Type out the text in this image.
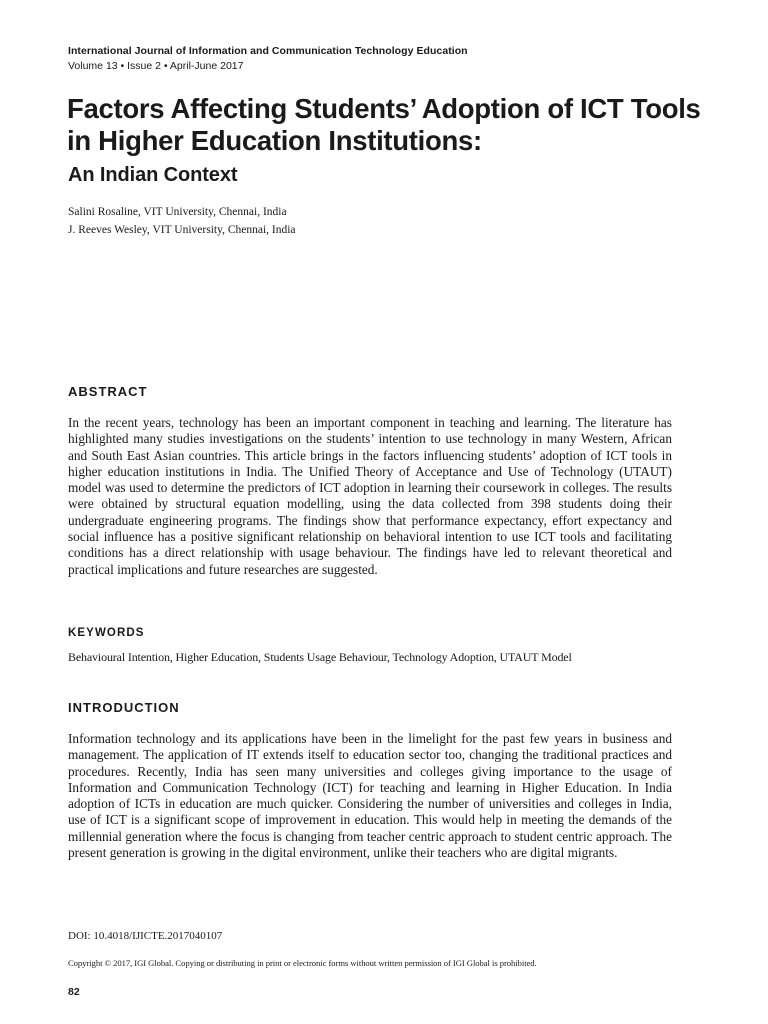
International Journal of Information and Communication Technology Education
Volume 13 • Issue 2 • April-June 2017
Factors Affecting Students’ Adoption of ICT Tools in Higher Education Institutions:
An Indian Context
Salini Rosaline, VIT University, Chennai, India
J. Reeves Wesley, VIT University, Chennai, India
ABSTRACT

In the recent years, technology has been an important component in teaching and learning. The literature has highlighted many studies investigations on the students’ intention to use technology in many Western, African and South East Asian countries. This article brings in the factors influencing students’ adoption of ICT tools in higher education institutions in India. The Unified Theory of Acceptance and Use of Technology (UTAUT) model was used to determine the predictors of ICT adoption in learning their coursework in colleges. The results were obtained by structural equation modelling, using the data collected from 398 students doing their undergraduate engineering programs. The findings show that performance expectancy, effort expectancy and social influence has a positive significant relationship on behavioral intention to use ICT tools and facilitating conditions has a direct relationship with usage behaviour. The findings have led to relevant theoretical and practical implications and future researches are suggested.

KEYWORDS
Behavioural Intention, Higher Education, Students Usage Behaviour, Technology Adoption, UTAUT Model
INTRODUCTION

Information technology and its applications have been in the limelight for the past few years in business and management. The application of IT extends itself to education sector too, changing the traditional practices and procedures. Recently, India has seen many universities and colleges giving importance to the usage of Information and Communication Technology (ICT) for teaching and learning in Higher Education. In India adoption of ICTs in education are much quicker. Considering the number of universities and colleges in India, use of ICT is a significant scope of improvement in education. This would help in meeting the demands of the millennial generation where the focus is changing from teacher centric approach to student centric approach. The present generation is growing in the digital environment, unlike their teachers who are digital migrants.

DOI: 10.4018/IJICTE.2017040107
Copyright © 2017, IGI Global. Copying or distributing in print or electronic forms without written permission of IGI Global is prohibited.
82
